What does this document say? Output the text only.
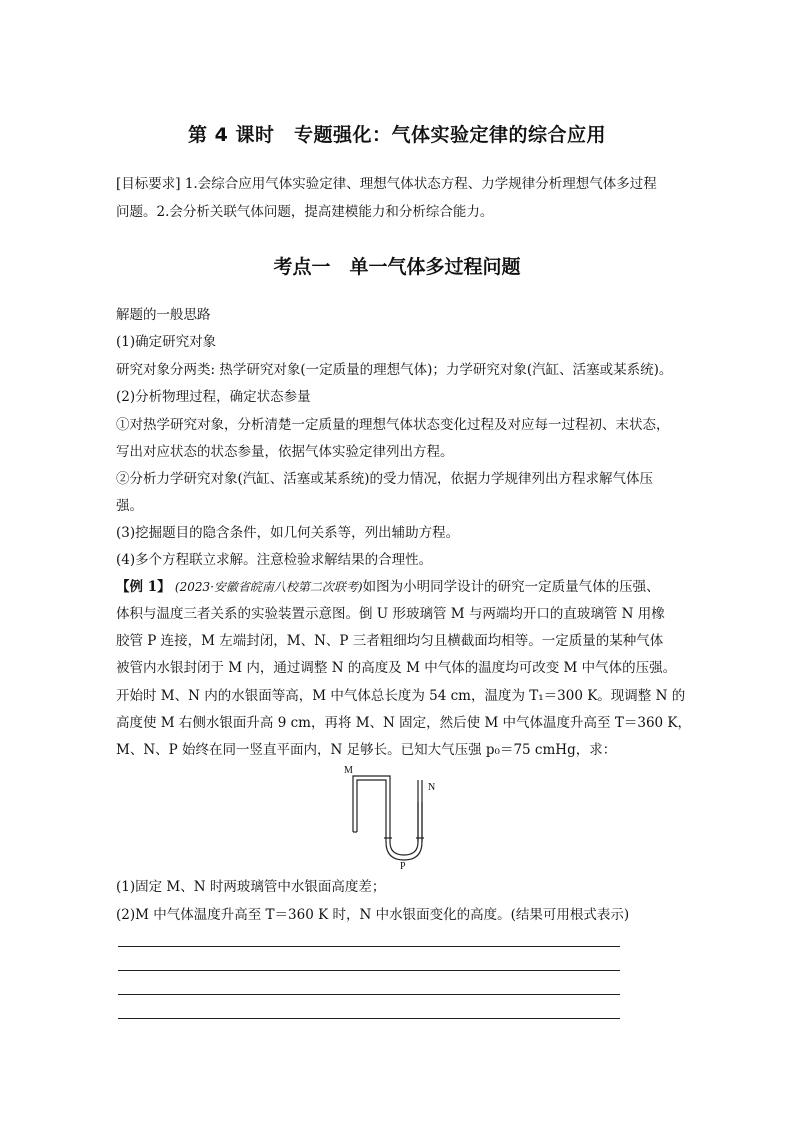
第 4 课时　专题强化：气体实验定律的综合应用
[目标要求] 1.会综合应用气体实验定律、理想气体状态方程、力学规律分析理想气体多过程
问题。2.会分析关联气体问题，提高建模能力和分析综合能力。
考点一　单一气体多过程问题
解题的一般思路
(1)确定研究对象
研究对象分两类: 热学研究对象(一定质量的理想气体)；力学研究对象(汽缸、活塞或某系统)。
(2)分析物理过程，确定状态参量
①对热学研究对象，分析清楚一定质量的理想气体状态变化过程及对应每一过程初、末状态，
写出对应状态的状态参量，依据气体实验定律列出方程。
②分析力学研究对象(汽缸、活塞或某系统)的受力情况，依据力学规律列出方程求解气体压
强。
(3)挖掘题目的隐含条件，如几何关系等，列出辅助方程。
(4)多个方程联立求解。注意检验求解结果的合理性。
【例 1】 (2023·安徽省皖南八校第二次联考)如图为小明同学设计的研究一定质量气体的压强、
体积与温度三者关系的实验装置示意图。倒 U 形玻璃管 M 与两端均开口的直玻璃管 N 用橡
胶管 P 连接，M 左端封闭，M、N、P 三者粗细均匀且横截面均相等。一定质量的某种气体
被管内水银封闭于 M 内，通过调整 N 的高度及 M 中气体的温度均可改变 M 中气体的压强。
开始时 M、N 内的水银面等高，M 中气体总长度为 54 cm，温度为 T₁＝300 K。现调整 N 的
高度使 M 右侧水银面升高 9 cm，再将 M、N 固定，然后使 M 中气体温度升高至 T＝360 K，
M、N、P 始终在同一竖直平面内，N 足够长。已知大气压强 p₀＝75 cmHg，求：
M
N
P
(1)固定 M、N 时两玻璃管中水银面高度差；
(2)M 中气体温度升高至 T＝360 K 时，N 中水银面变化的高度。(结果可用根式表示)
